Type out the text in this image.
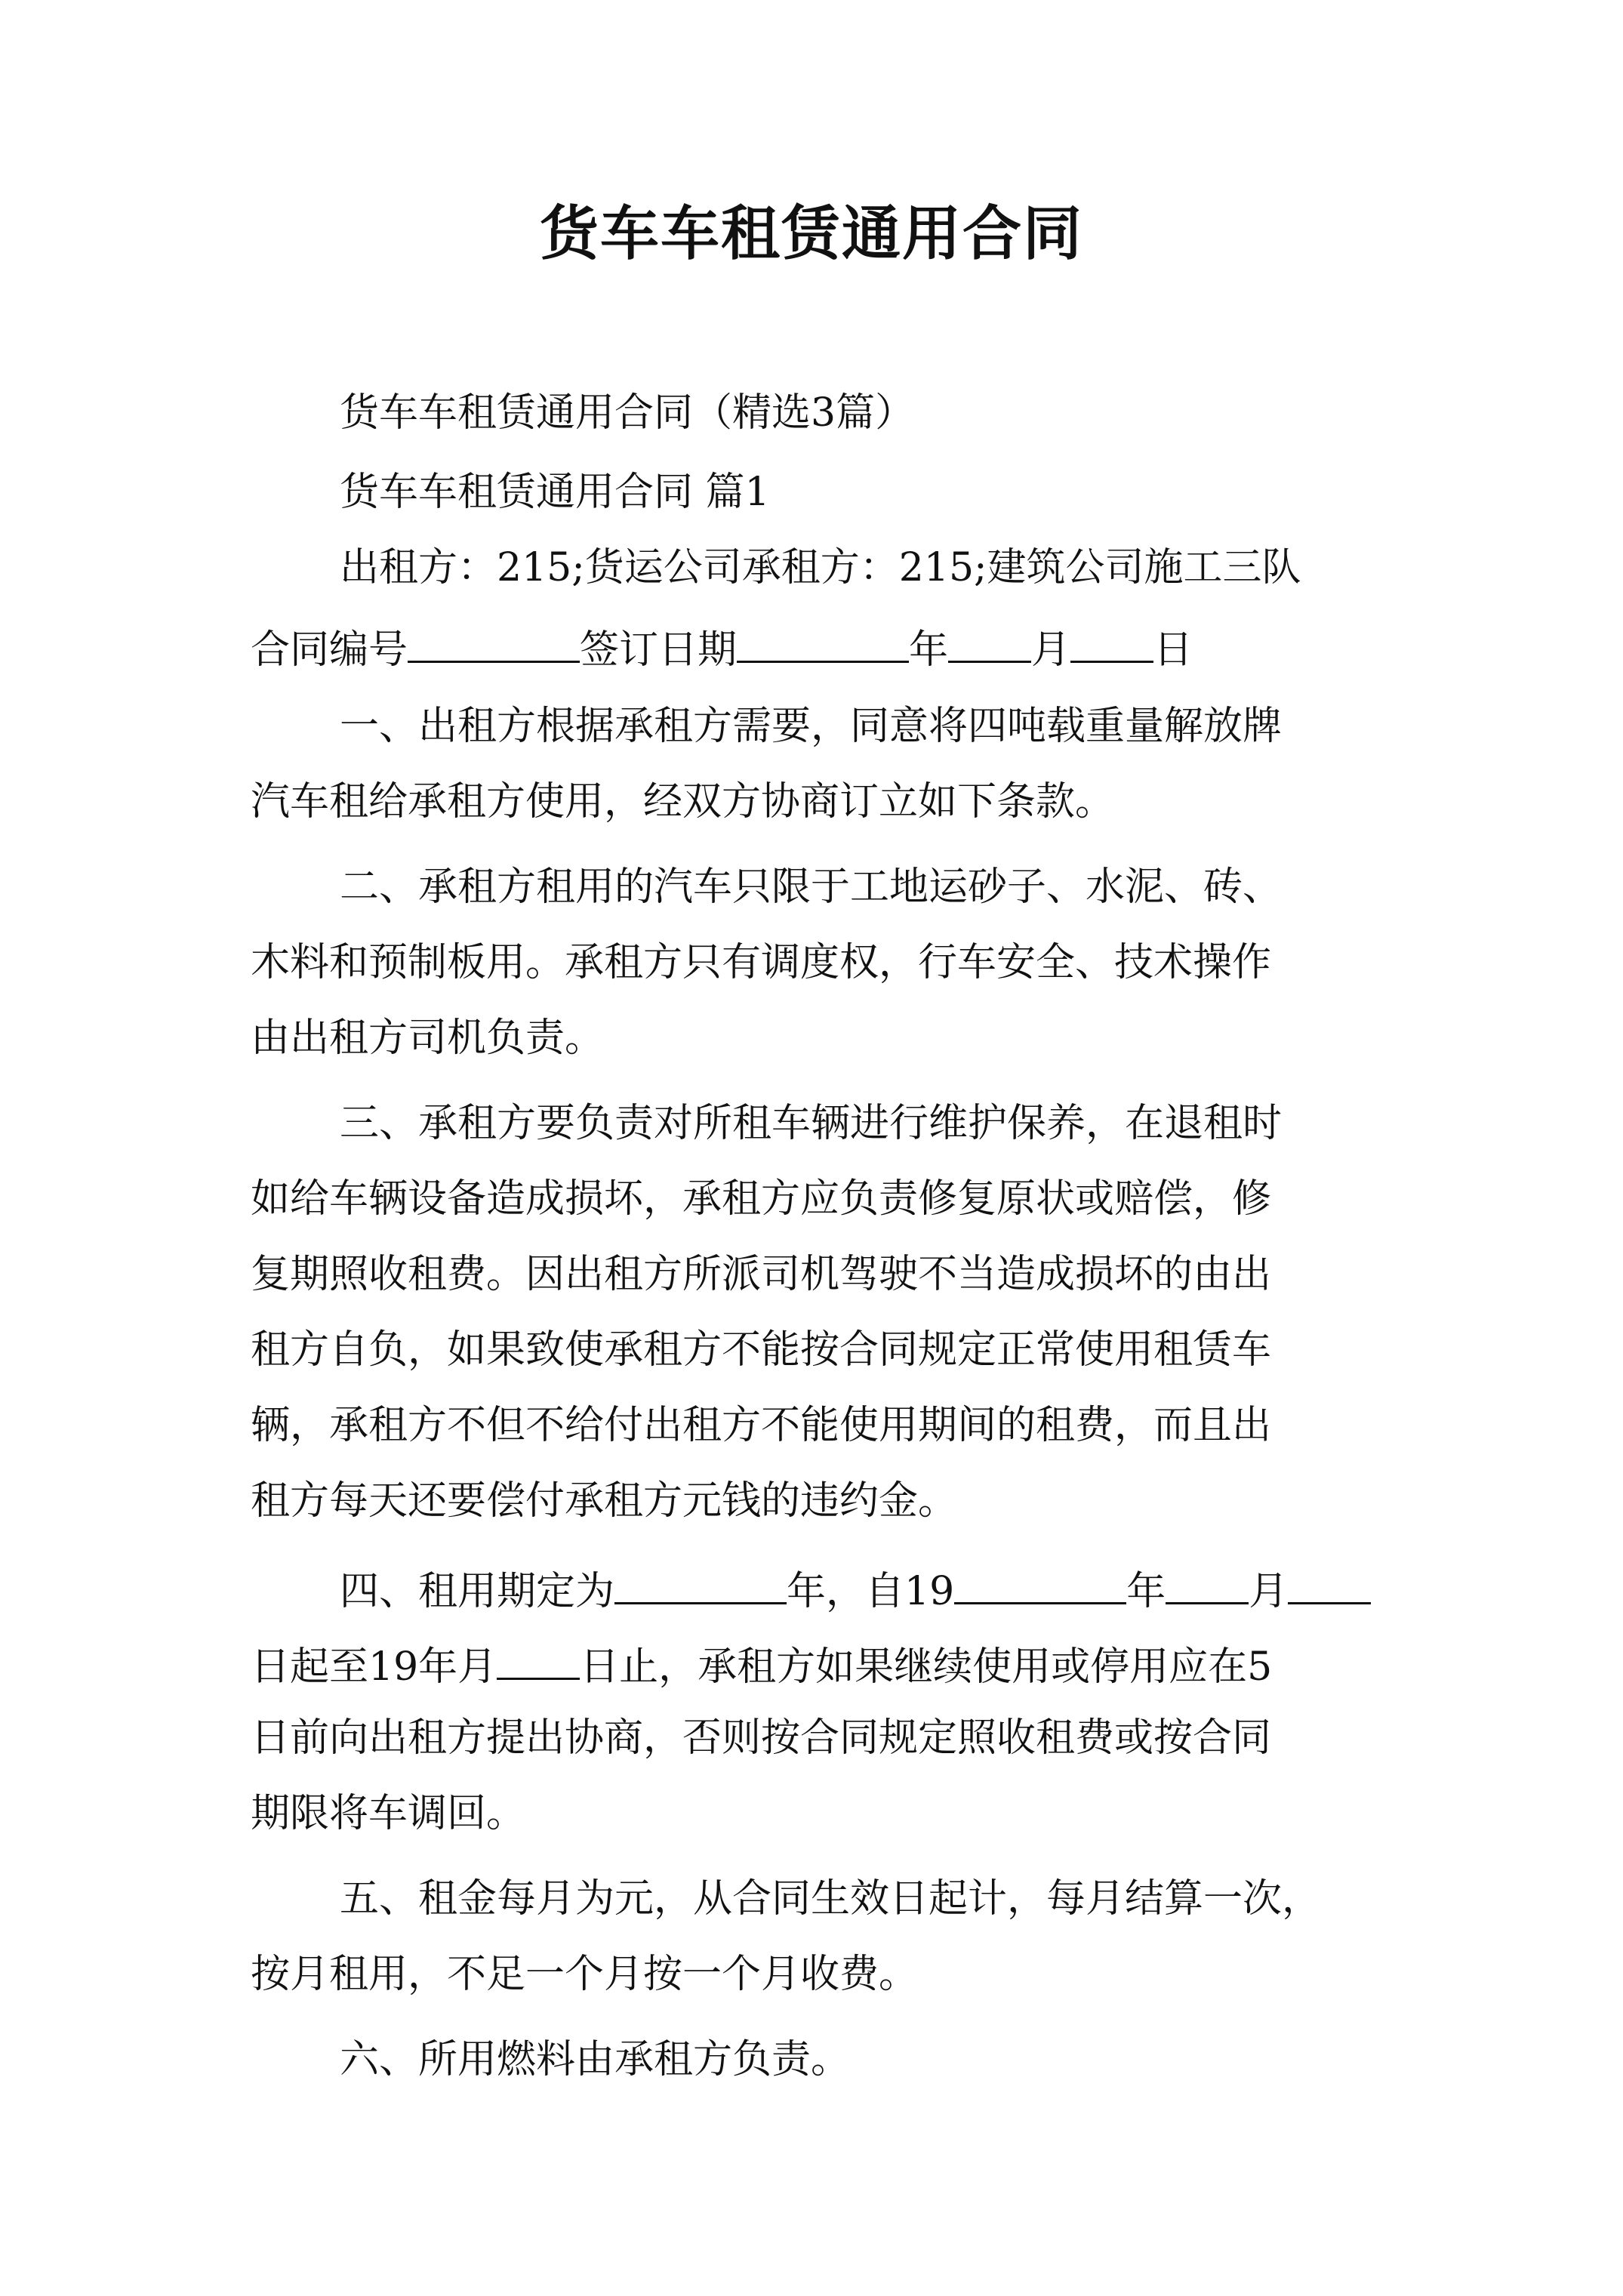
货车车租赁通用合同

货车车租赁通用合同（精选3篇）

货车车租赁通用合同 篇1

出租方：215;货运公司承租方：215;建筑公司施工三队

合同编号	签订日期	年 月 日

一、出租方根据承租方需要，同意将四吨载重量解放牌

汽车租给承租方使用，经双方协商订立如下条款。

二、承租方租用的汽车只限于工地运砂子、水泥、砖、

木料和预制板用。承租方只有调度权，行车安全、技术操作

由出租方司机负责。

三、承租方要负责对所租车辆进行维护保养，在退租时

如给车辆设备造成损坏，承租方应负责修复原状或赔偿，修

复期照收租费。因出租方所派司机驾驶不当造成损坏的由出

租方自负，如果致使承租方不能按合同规定正常使用租赁车

辆，承租方不但不给付出租方不能使用期间的租费，而且出

租方每天还要偿付承租方元钱的违约金。

四、租用期定为	年，自19	年 月

日起至19年月 日止，承租方如果继续使用或停用应在5

日前向出租方提出协商，否则按合同规定照收租费或按合同

期限将车调回。

五、租金每月为元，从合同生效日起计，每月结算一次，

按月租用，不足一个月按一个月收费。

六、所用燃料由承租方负责。
